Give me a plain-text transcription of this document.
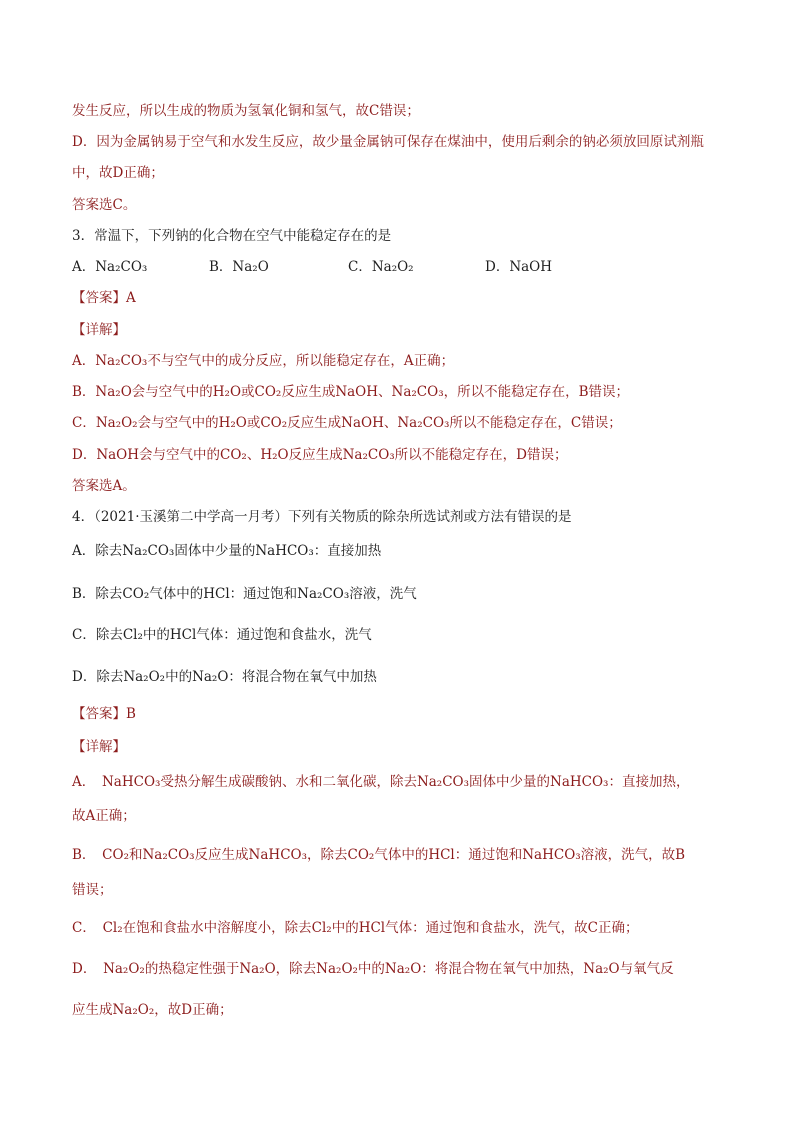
发生反应，所以生成的物质为氢氧化铜和氢气，故C错误；
D．因为金属钠易于空气和水发生反应，故少量金属钠可保存在煤油中，使用后剩余的钠必须放回原试剂瓶
中，故D正确；
答案选C。
3．常温下，下列钠的化合物在空气中能稳定存在的是
A．Na₂CO₃	B．Na₂O	C．Na₂O₂	D．NaOH
【答案】A
【详解】
A．Na₂CO₃不与空气中的成分反应，所以能稳定存在，A正确；
B．Na₂O会与空气中的H₂O或CO₂反应生成NaOH、Na₂CO₃，所以不能稳定存在，B错误；
C．Na₂O₂会与空气中的H₂O或CO₂反应生成NaOH、Na₂CO₃所以不能稳定存在，C错误；
D．NaOH会与空气中的CO₂、H₂O反应生成Na₂CO₃所以不能稳定存在，D错误；
答案选A。
4．（2021·玉溪第二中学高一月考）下列有关物质的除杂所选试剂或方法有错误的是
A．除去Na₂CO₃固体中少量的NaHCO₃：直接加热
B．除去CO₂气体中的HCl：通过饱和Na₂CO₃溶液，洗气
C．除去Cl₂中的HCl气体：通过饱和食盐水，洗气
D．除去Na₂O₂中的Na₂O：将混合物在氧气中加热
【答案】B
【详解】
A．　NaHCO₃受热分解生成碳酸钠、水和二氧化碳，除去Na₂CO₃固体中少量的NaHCO₃：直接加热，
故A正确；
B．　CO₂和Na₂CO₃反应生成NaHCO₃，除去CO₂气体中的HCl：通过饱和NaHCO₃溶液，洗气，故B
错误；
C．　Cl₂在饱和食盐水中溶解度小，除去Cl₂中的HCl气体：通过饱和食盐水，洗气，故C正确；
D．　Na₂O₂的热稳定性强于Na₂O，除去Na₂O₂中的Na₂O：将混合物在氧气中加热，Na₂O与氧气反
应生成Na₂O₂，故D正确；
